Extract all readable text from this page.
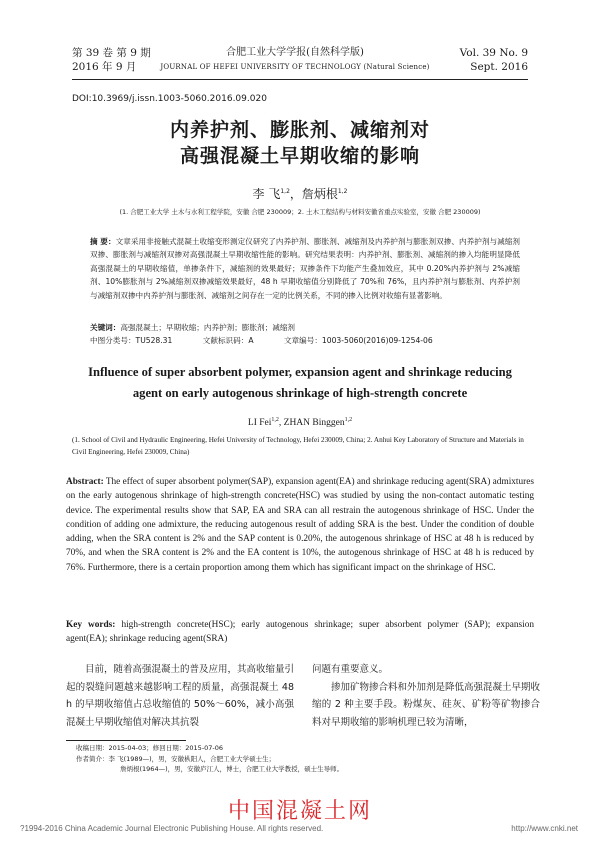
第 39 卷 第 9 期
2016 年 9 月
合肥工业大学学报(自然科学版)
JOURNAL OF HEFEI UNIVERSITY OF TECHNOLOGY (Natural Science)
Vol. 39 No. 9
Sept. 2016
DOI:10.3969/j.issn.1003-5060.2016.09.020
内养护剂、膨胀剂、减缩剂对
高强混凝土早期收缩的影响
李 飞$^{1,2}$，詹炳根$^{1,2}$
(1. 合肥工业大学 土木与水利工程学院，安徽 合肥 230009；2. 土木工程结构与材料安徽省重点实验室，安徽 合肥 230009)
摘 要：文章采用非接触式混凝土收缩变形测定仪研究了内养护剂、膨胀剂、减缩剂及内养护剂与膨胀剂双掺、内养护剂与减缩剂双掺、膨胀剂与减缩剂双掺对高强混凝土早期收缩性能的影响。研究结果表明：内养护剂、膨胀剂、减缩剂的掺入均能明显降低高强混凝土的早期收缩值，单掺条件下，减缩剂的效果最好；双掺条件下均能产生叠加效应，其中 0.20%内养护剂与 2%减缩剂、10%膨胀剂与 2%减缩剂双掺减缩效果最好，48 h 早期收缩值分别降低了 70%和 76%，且内养护剂与膨胀剂、内养护剂与减缩剂双掺中内养护剂与膨胀剂、减缩剂之间存在一定的比例关系，不同的掺入比例对收缩有显著影响。
关键词：高强混凝土；早期收缩；内养护剂；膨胀剂；减缩剂
中图分类号：TU528.31	文献标识码：A	文章编号：1003-5060(2016)09-1254-06
Influence of super absorbent polymer, expansion agent and shrinkage reducing
agent on early autogenous shrinkage of high-strength concrete
LI Fei$^{1,2}$, ZHAN Binggen$^{1,2}$
(1. School of Civil and Hydraulic Engineering, Hefei University of Technology, Hefei 230009, China; 2. Anhui Key Laboratory of Structure and Materials in Civil Engineering, Hefei 230009, China)
Abstract: The effect of super absorbent polymer(SAP), expansion agent(EA) and shrinkage reducing agent(SRA) admixtures on the early autogenous shrinkage of high-strength concrete(HSC) was studied by using the non-contact automatic testing device. The experimental results show that SAP, EA and SRA can all restrain the autogenous shrinkage of HSC. Under the condition of adding one admixture, the reducing autogenous result of adding SRA is the best. Under the condition of double adding, when the SRA content is 2% and the SAP content is 0.20%, the autogenous shrinkage of HSC at 48 h is reduced by 70%, and when the SRA content is 2% and the EA content is 10%, the autogenous shrinkage of HSC at 48 h is reduced by 76%. Furthermore, there is a certain proportion among them which has significant impact on the shrinkage of HSC.
Key words: high-strength concrete(HSC); early autogenous shrinkage; super absorbent polymer (SAP); expansion agent(EA); shrinkage reducing agent(SRA)

目前，随着高强混凝土的普及应用，其高收缩量引起的裂缝问题越来越影响工程的质量，高强混凝土 48 h 的早期收缩值占总收缩值的 50%～60%，减小高强混凝土早期收缩值对解决其抗裂

问题有重要意义。

掺加矿物掺合料和外加剂是降低高强混凝土早期收缩的 2 种主要手段。粉煤灰、硅灰、矿粉等矿物掺合料对早期收缩的影响机理已较为清晰，

收稿日期：2015-04-03；修回日期：2015-07-06
作者简介：李 飞(1989—)，男，安徽枞阳人，合肥工业大学硕士生；
詹炳根(1964—)，男，安徽庐江人，博士，合肥工业大学教授，硕士生导师。
中国混凝土网
?1994-2016 China Academic Journal Electronic Publishing House. All rights reserved.	http://www.cnki.net
